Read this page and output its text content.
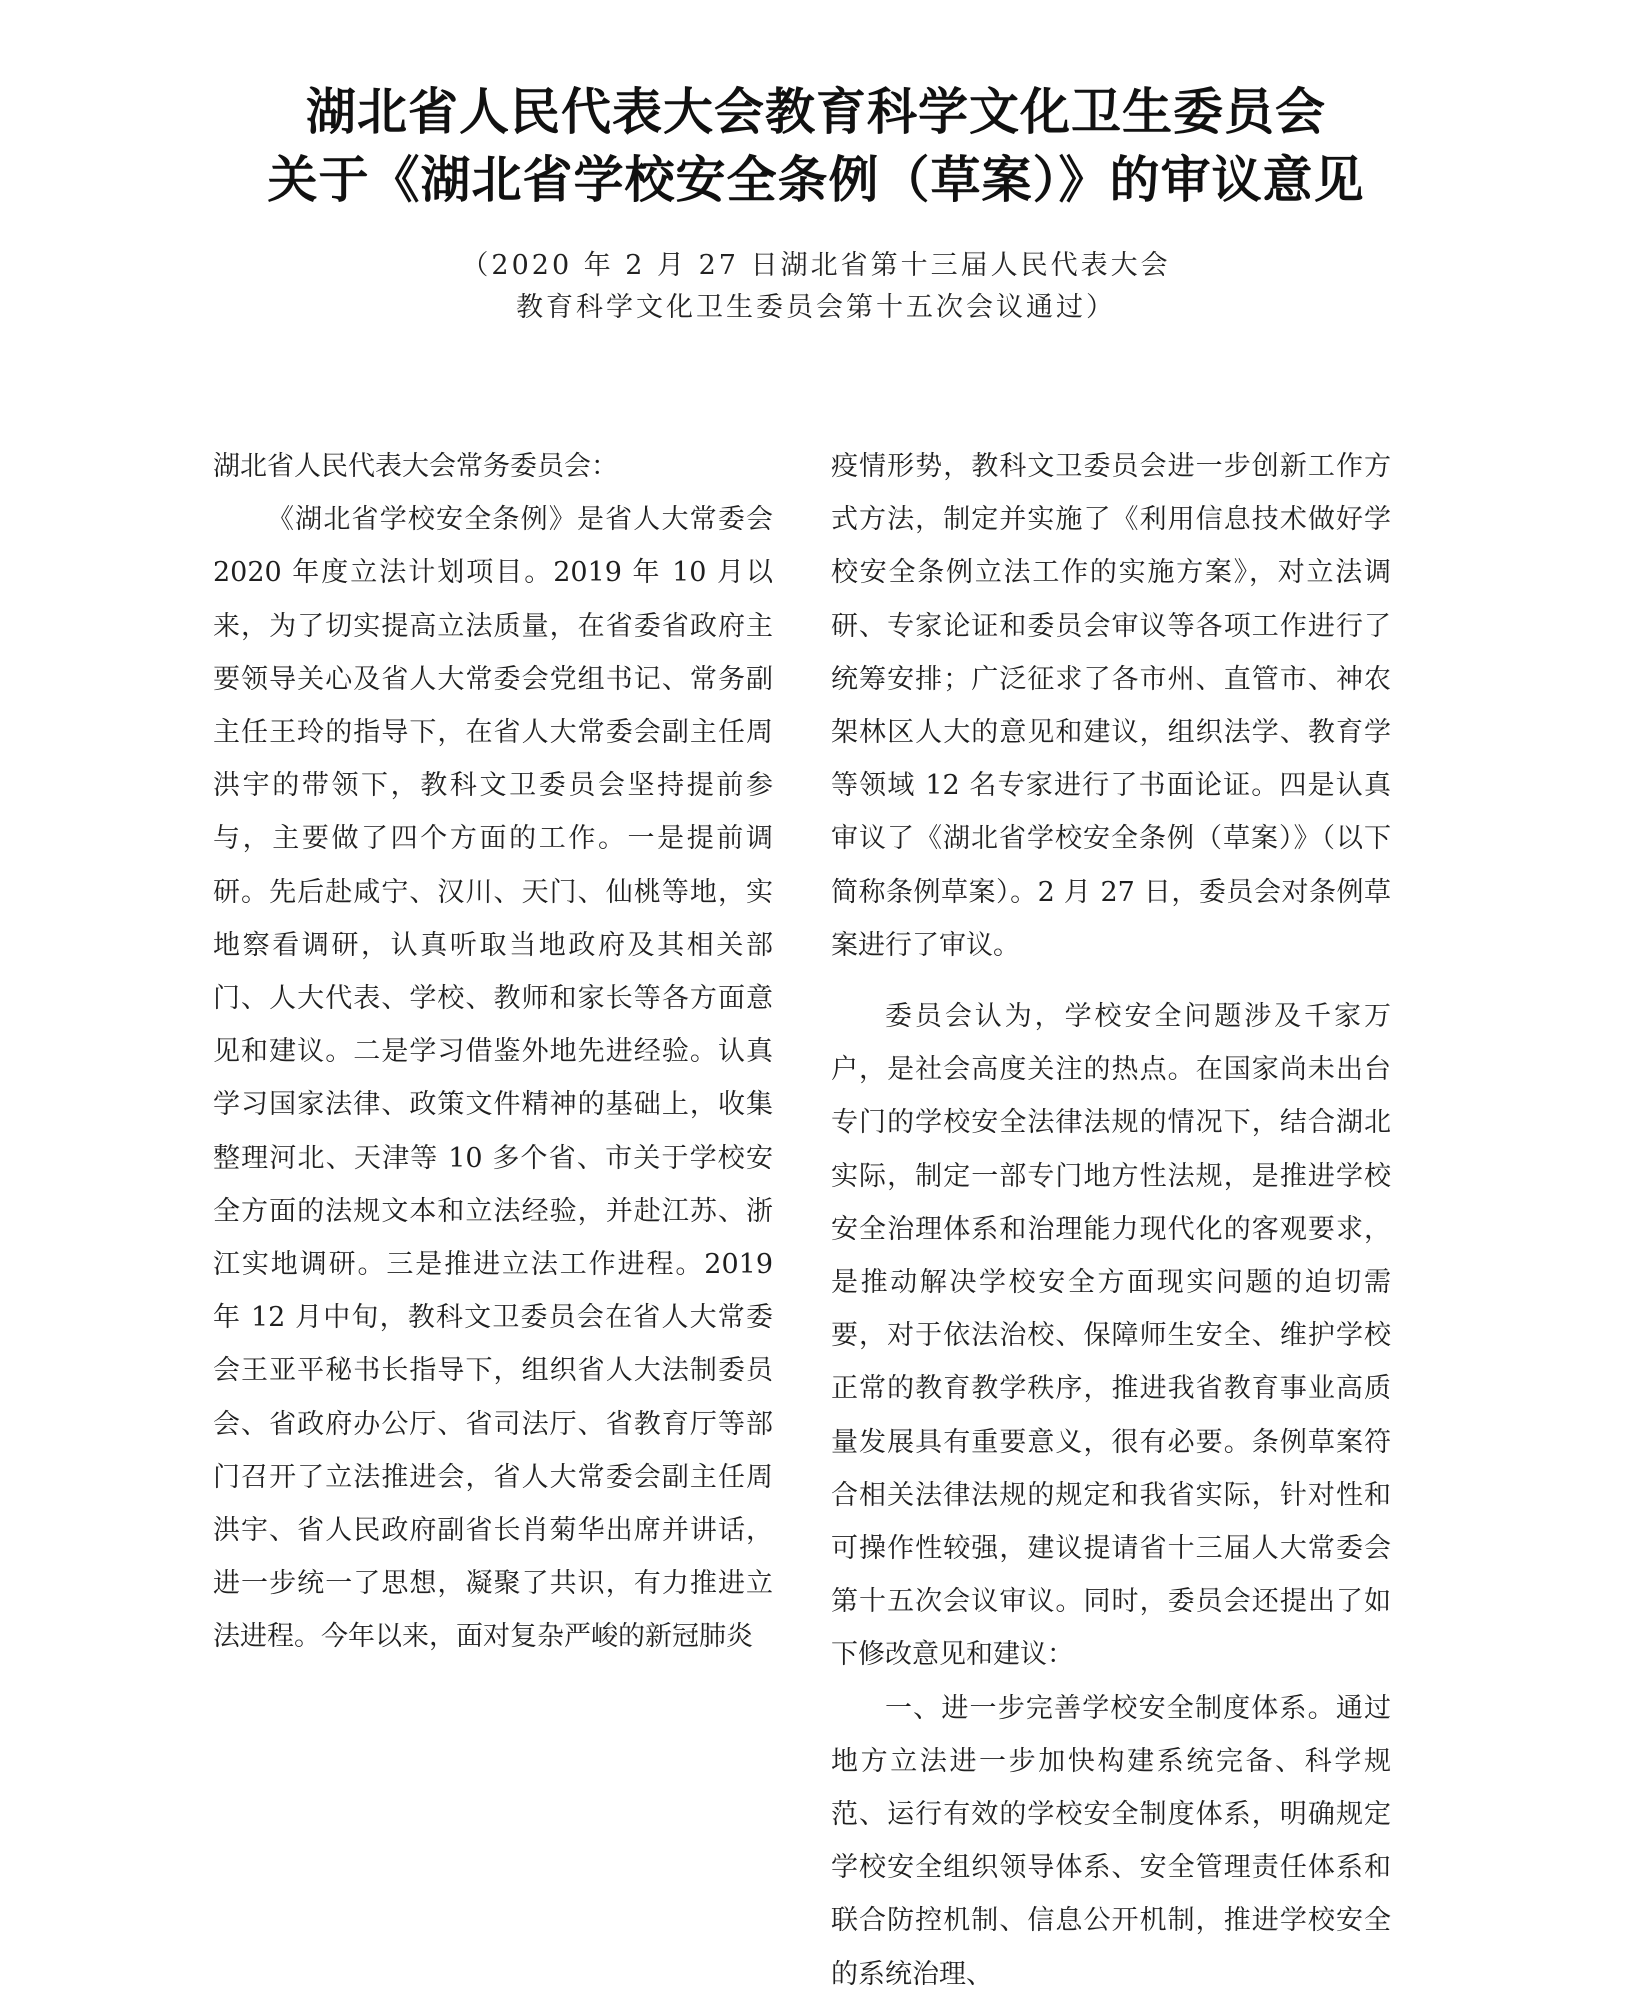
湖北省人民代表大会教育科学文化卫生委员会
关于《湖北省学校安全条例（草案）》的审议意见
（2020 年 2 月 27 日湖北省第十三届人民代表大会
教育科学文化卫生委员会第十五次会议通过）

湖北省人民代表大会常务委员会：

《湖北省学校安全条例》是省人大常委会 2020 年度立法计划项目。2019 年 10 月以来，为了切实提高立法质量，在省委省政府主要领导关心及省人大常委会党组书记、常务副主任王玲的指导下，在省人大常委会副主任周洪宇的带领下，教科文卫委员会坚持提前参与，主要做了四个方面的工作。一是提前调研。先后赴咸宁、汉川、天门、仙桃等地，实地察看调研，认真听取当地政府及其相关部门、人大代表、学校、教师和家长等各方面意见和建议。二是学习借鉴外地先进经验。认真学习国家法律、政策文件精神的基础上，收集整理河北、天津等 10 多个省、市关于学校安全方面的法规文本和立法经验，并赴江苏、浙江实地调研。三是推进立法工作进程。2019 年 12 月中旬，教科文卫委员会在省人大常委会王亚平秘书长指导下，组织省人大法制委员会、省政府办公厅、省司法厅、省教育厅等部门召开了立法推进会，省人大常委会副主任周洪宇、省人民政府副省长肖菊华出席并讲话，进一步统一了思想，凝聚了共识，有力推进立法进程。今年以来，面对复杂严峻的新冠肺炎

疫情形势，教科文卫委员会进一步创新工作方式方法，制定并实施了《利用信息技术做好学校安全条例立法工作的实施方案》，对立法调研、专家论证和委员会审议等各项工作进行了统筹安排；广泛征求了各市州、直管市、神农架林区人大的意见和建议，组织法学、教育学等领域 12 名专家进行了书面论证。四是认真审议了《湖北省学校安全条例（草案）》（以下简称条例草案）。2 月 27 日，委员会对条例草案进行了审议。

委员会认为，学校安全问题涉及千家万户，是社会高度关注的热点。在国家尚未出台专门的学校安全法律法规的情况下，结合湖北实际，制定一部专门地方性法规，是推进学校安全治理体系和治理能力现代化的客观要求，是推动解决学校安全方面现实问题的迫切需要，对于依法治校、保障师生安全、维护学校正常的教育教学秩序，推进我省教育事业高质量发展具有重要意义，很有必要。条例草案符合相关法律法规的规定和我省实际，针对性和可操作性较强，建议提请省十三届人大常委会第十五次会议审议。同时，委员会还提出了如下修改意见和建议：

一、进一步完善学校安全制度体系。通过地方立法进一步加快构建系统完备、科学规范、运行有效的学校安全制度体系，明确规定学校安全组织领导体系、安全管理责任体系和联合防控机制、信息公开机制，推进学校安全的系统治理、
